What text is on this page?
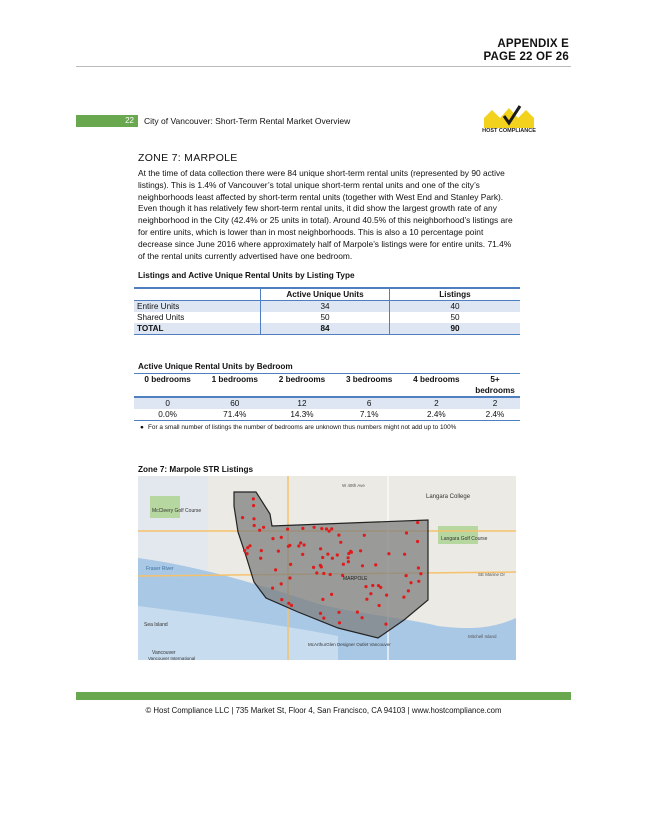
APPENDIX E
PAGE 22 OF 26
22	City of Vancouver: Short-Term Rental Market Overview
HOST COMPLIANCE
ZONE 7: MARPOLE
At the time of data collection there were 84 unique short-term rental units (represented by 90 active listings). This is 1.4% of Vancouver’s total unique short-term rental units and one of the city’s neighborhoods least affected by short-term rental units (together with West End and Stanley Park). Even though it has relatively few short-term rental units, it did show the largest growth rate of any neighborhood in the City (42.4% or 25 units in total). Around 40.5% of this neighborhood’s listings are for entire units, which is lower than in most neighborhoods. This is also a 10 percentage point decrease since June 2016 where approximately half of Marpole’s listings were for entire units. 71.4% of the rental units currently advertised have one bedroom.
Listings and Active Unique Rental Units by Listing Type
	Active Unique Units	Listings
Entire Units	34	40
Shared Units	50	50
TOTAL	84	90
Active Unique Rental Units by Bedroom
0 bedrooms	1 bedrooms	2 bedrooms	3 bedrooms	4 bedrooms	5+ bedrooms
0	60	12	6	2	2
0.0%	71.4%	14.3%	7.1%	2.4%	2.4%
● For a small number of listings the number of bedrooms are unknown thus numbers might not add up to 100%
Zone 7: Marpole STR Listings
Langara College
McCleery Golf Course
Langara Golf Course
MARPOLE
Fraser River
Sea Island
McArthurGlen Designer Outlet Vancouver
Vancouver
Vancouver International
W 49th Ave
SE Marine Dr
Mitchell Island
© Host Compliance LLC | 735 Market St, Floor 4, San Francisco, CA 94103 | www.hostcompliance.com
